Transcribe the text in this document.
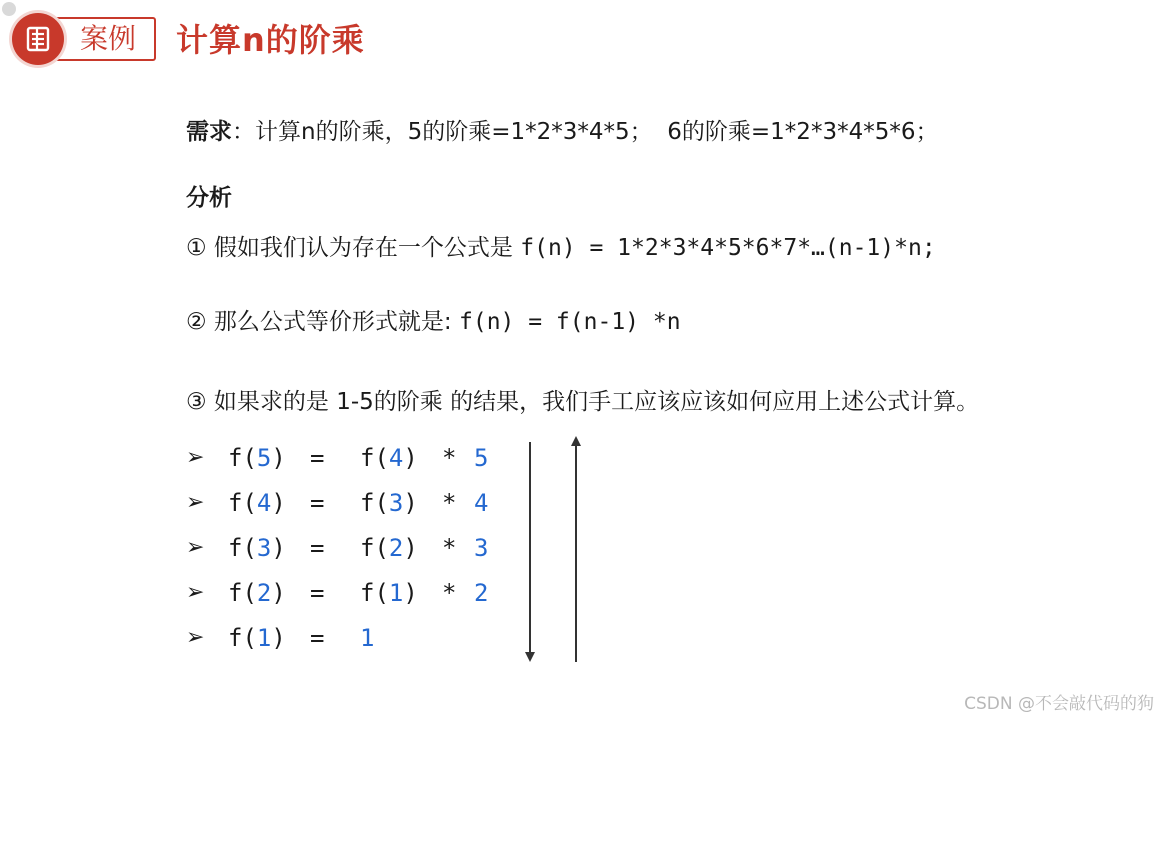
案例 计算n的阶乘
需求：计算n的阶乘，5的阶乘=1*2*3*4*5；  6的阶乘=1*2*3*4*5*6；
分析
① 假如我们认为存在一个公式是 f(n) = 1*2*3*4*5*6*7*…(n-1)*n;
② 那么公式等价形式就是: f(n) = f(n-1) *n
③ 如果求的是 1-5的阶乘 的结果，我们手工应该应该如何应用上述公式计算。

➢

f(5)

=

f(4)

*

5

➢

f(4)

=

f(3)

*

4

➢

f(3)

=

f(2)

*

3

➢

f(2)

=

f(1)

*

2

➢

f(1)

=

1

CSDN @不会敲代码的狗
